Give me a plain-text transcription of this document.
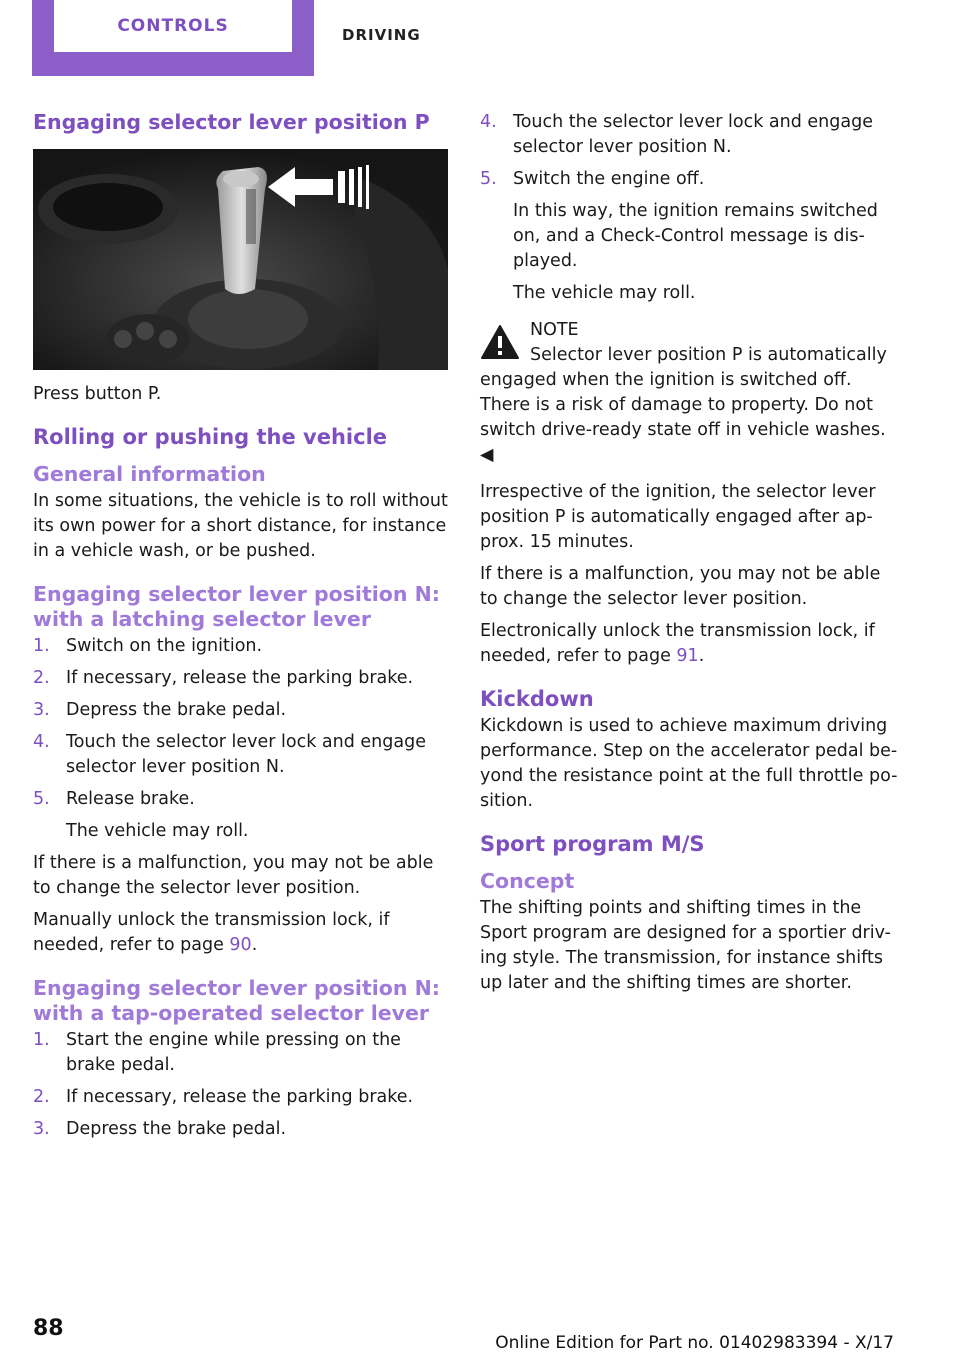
CONTROLS	DRIVING
Engaging selector lever position P

Press button P.

Rolling or pushing the vehicle
General information

In some situations, the vehicle is to roll without its own power for a short distance, for instance in a vehicle wash, or be pushed.

Engaging selector lever position N: with a latching selector lever
1. Switch on the ignition.
2. If necessary, release the parking brake.
3. Depress the brake pedal.
4. Touch the selector lever lock and engage selector lever position N.
5. Release brake.
The vehicle may roll.

If there is a malfunction, you may not be able to change the selector lever position.

Manually unlock the transmission lock, if needed, refer to page 90.

Engaging selector lever position N: with a tap-operated selector lever
1. Start the engine while pressing on the brake pedal.
2. If necessary, release the parking brake.
3. Depress the brake pedal.
4. Touch the selector lever lock and engage selector lever position N.
5. Switch the engine off.
In this way, the ignition remains switched on, and a Check-Control message is dis-played.
The vehicle may roll.
NOTE
Selector lever position P is automatically
engaged when the ignition is switched off. There is a risk of damage to property. Do not switch drive-ready state off in vehicle washes. ◀

Irrespective of the ignition, the selector lever position P is automatically engaged after ap-prox. 15 minutes.

If there is a malfunction, you may not be able to change the selector lever position.

Electronically unlock the transmission lock, if needed, refer to page 91.

Kickdown

Kickdown is used to achieve maximum driving performance. Step on the accelerator pedal be-yond the resistance point at the full throttle po-sition.

Sport program M/S
Concept

The shifting points and shifting times in the Sport program are designed for a sportier driv-ing style. The transmission, for instance shifts up later and the shifting times are shorter.

88
Online Edition for Part no. 01402983394 - X/17
